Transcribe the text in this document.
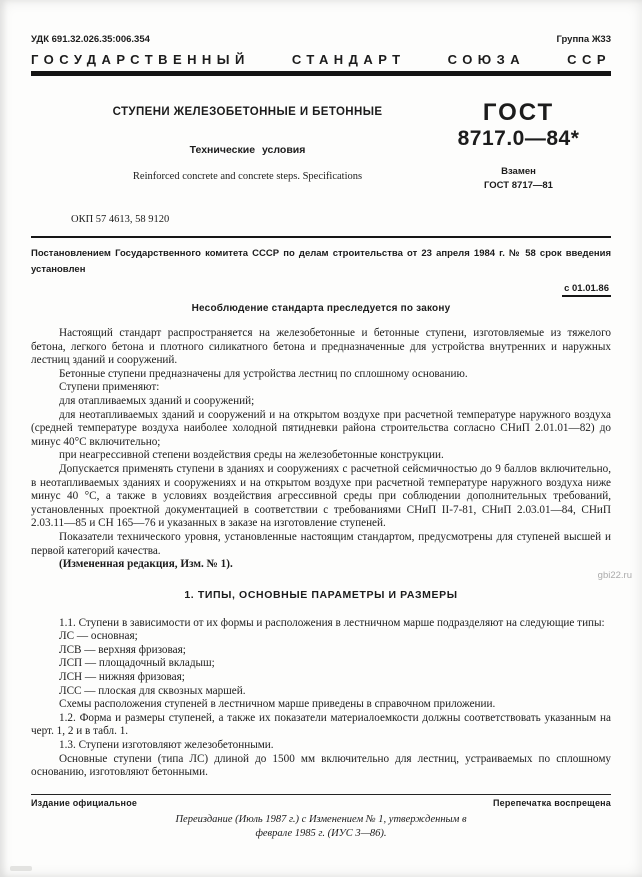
УДК 691.32.026.35:006.354	Группа Ж33
ГОСУДАРСТВЕННЫЙ СТАНДАРТ СОЮЗА ССР
СТУПЕНИ ЖЕЛЕЗОБЕТОННЫЕ И БЕТОННЫЕ
Технические условия
Reinforced concrete and concrete steps. Specifications
ГОСТ
8717.0—84*
Взамен
ГОСТ 8717—81
ОКП 57 4613, 58 9120
Постановлением Государственного комитета СССР по делам строительства от 23 апреля 1984 г. № 58 срок введения установлен
с 01.01.86
Несоблюдение стандарта преследуется по закону

Настоящий стандарт распространяется на железобетонные и бетонные ступени, изготовляемые из тяжелого бетона, легкого бетона и плотного силикатного бетона и предназначенные для устройства внутренних и наружных лестниц зданий и сооружений.

Бетонные ступени предназначены для устройства лестниц по сплошному основанию.

Ступени применяют:

для отапливаемых зданий и сооружений;

для неотапливаемых зданий и сооружений и на открытом воздухе при расчетной температуре наружного воздуха (средней температуре воздуха наиболее холодной пятидневки района строительства согласно СНиП 2.01.01—82) до минус 40°С включительно;

при неагрессивной степени воздействия среды на железобетонные конструкции.

Допускается применять ступени в зданиях и сооружениях с расчетной сейсмичностью до 9 баллов включительно, в неотапливаемых зданиях и сооружениях и на открытом воздухе при расчетной температуре наружного воздуха ниже минус 40 °С, а также в условиях воздействия агрессивной среды при соблюдении дополнительных требований, установленных проектной документацией в соответствии с требованиями СНиП II-7-81, СНиП 2.03.01—84, СНиП 2.03.11—85 и СН 165—76 и указанных в заказе на изготовление ступеней.

Показатели технического уровня, установленные настоящим стандартом, предусмотрены для ступеней высшей и первой категорий качества.

(Измененная редакция, Изм. № 1).

1. ТИПЫ, ОСНОВНЫЕ ПАРАМЕТРЫ И РАЗМЕРЫ

1.1. Ступени в зависимости от их формы и расположения в лестничном марше подразделяют на следующие типы:

ЛС — основная;

ЛСВ — верхняя фризовая;

ЛСП — площадочный вкладыш;

ЛСН — нижняя фризовая;

ЛСС — плоская для сквозных маршей.

Схемы расположения ступеней в лестничном марше приведены в справочном приложении.

1.2. Форма и размеры ступеней, а также их показатели материалоемкости должны соответствовать указанным на черт. 1, 2 и в табл. 1.

1.3. Ступени изготовляют железобетонными.

Основные ступени (типа ЛС) длиной до 1500 мм включительно для лестниц, устраиваемых по сплошному основанию, изготовляют бетонными.

Издание официальное	Перепечатка воспрещена
Переиздание (Июль 1987 г.) с Изменением № 1, утвержденным в феврале 1985 г. (ИУС 3—86).
gbi22.ru
